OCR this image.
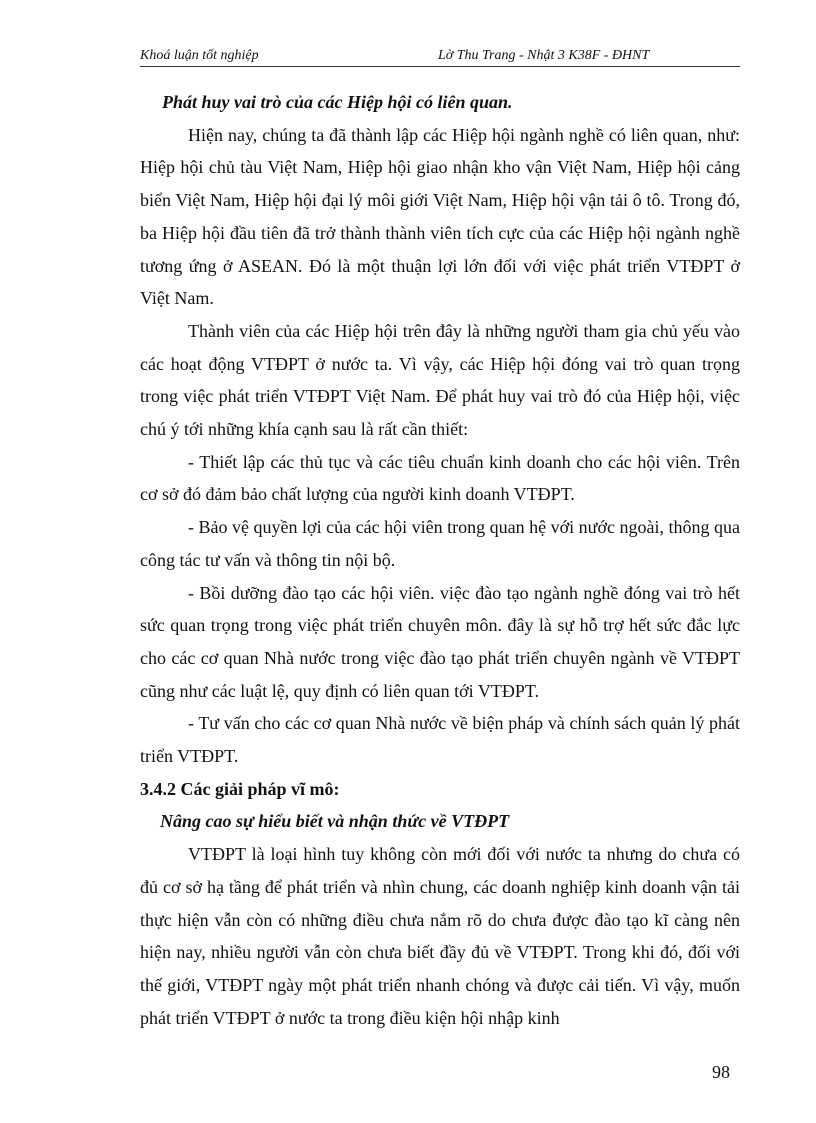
Khoá luận tốt nghiệp	Lờ Thu Trang - Nhật 3 K38F - ĐHNT

Phát huy vai trò của các Hiệp hội có liên quan.

Hiện nay, chúng ta đã thành lập các Hiệp hội ngành nghề có liên quan, như: Hiệp hội chủ tàu Việt Nam, Hiệp hội giao nhận kho vận Việt Nam, Hiệp hội cảng biển Việt Nam, Hiệp hội đại lý môi giới Việt Nam, Hiệp hội vận tải ô tô. Trong đó, ba Hiệp hội đầu tiên đã trở thành thành viên tích cực của các Hiệp hội ngành nghề tương ứng ở ASEAN. Đó là một thuận lợi lớn đối với việc phát triển VTĐPT ở Việt Nam.

Thành viên của các Hiệp hội trên đây là những người tham gia chủ yếu vào các hoạt động VTĐPT ở nước ta. Vì vậy, các Hiệp hội đóng vai trò quan trọng trong việc phát triển VTĐPT Việt Nam. Để phát huy vai trò đó của Hiệp hội, việc chú ý tới những khía cạnh sau là rất cần thiết:

- Thiết lập các thủ tục và các tiêu chuẩn kinh doanh cho các hội viên. Trên cơ sở đó đảm bảo chất lượng của người kinh doanh VTĐPT.

- Bảo vệ quyền lợi của các hội viên trong quan hệ với nước ngoài, thông qua công tác tư vấn và thông tin nội bộ.

- Bồi dưỡng đào tạo các hội viên. việc đào tạo ngành nghề đóng vai trò hết sức quan trọng trong việc phát triển chuyên môn. đây là sự hỗ trợ hết sức đắc lực cho các cơ quan Nhà nước trong việc đào tạo phát triển chuyên ngành về VTĐPT cũng như các luật lệ, quy định có liên quan tới VTĐPT.

- Tư vấn cho các cơ quan Nhà nước về biện pháp và chính sách quản lý phát triển VTĐPT.

3.4.2 Các giải pháp vĩ mô:

Nâng cao sự hiểu biết và nhận thức về VTĐPT

VTĐPT là loại hình tuy không còn mới đối với nước ta nhưng do chưa có đủ cơ sở hạ tầng để phát triển và nhìn chung, các doanh nghiệp kinh doanh vận tải thực hiện vẫn còn có những điều chưa nắm rõ do chưa được đào tạo kĩ càng nên hiện nay, nhiều người vẫn còn chưa biết đầy đủ về VTĐPT. Trong khi đó, đối với thế giới, VTĐPT ngày một phát triển nhanh chóng và được cải tiến. Vì vậy, muốn phát triển VTĐPT ở nước ta trong điều kiện hội nhập kinh

98
